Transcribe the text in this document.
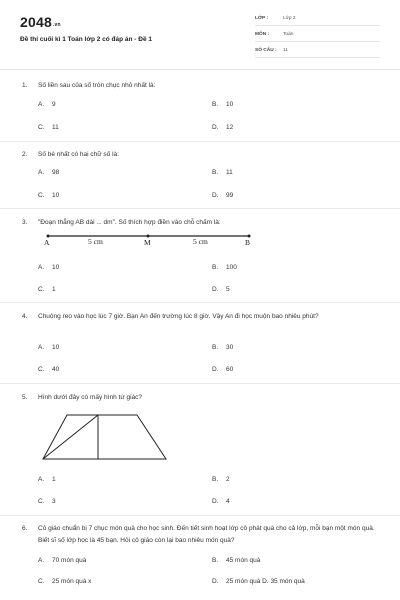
2048.vn
Đề thi cuối kì 1 Toán lớp 2 có đáp án - Đề 1
LỚP :	Lớp 2
MÔN :	Toán
SỐ CÂU : 11
1. Số liền sau của số tròn chục nhỏ nhất là:
A. 9	B. 10
C. 11	D. 12
2. Số bé nhất có hai chữ số là:
A. 98	B. 11
C. 10	D. 99
3. "Đoạn thẳng AB dài ... dm". Số thích hợp điền vào chỗ chấm là:
A	5 cm	M	5 cm	B
A. 10	B. 100
C. 1	D. 5
4. Chuông reo vào học lúc 7 giờ. Bạn An đến trường lúc 8 giờ. Vậy An đi học muộn bao nhiêu phút?
A. 10	B. 30
C. 40	D. 60
5. Hình dưới đây có mấy hình tứ giác?
A. 1	B. 2
C. 3	D. 4
6. Cô giáo chuẩn bị 7 chục món quà cho học sinh. Đến tiết sinh hoạt lớp cô phát quà cho cả lớp, mỗi bạn một món quà. Biết sĩ số lớp học là 45 bạn. Hỏi cô giáo còn lại bao nhiêu món quà?
A. 70 món quà	B. 45 món quà
C. 25 món quà x	D. 25 món quà D. 35 món quà
